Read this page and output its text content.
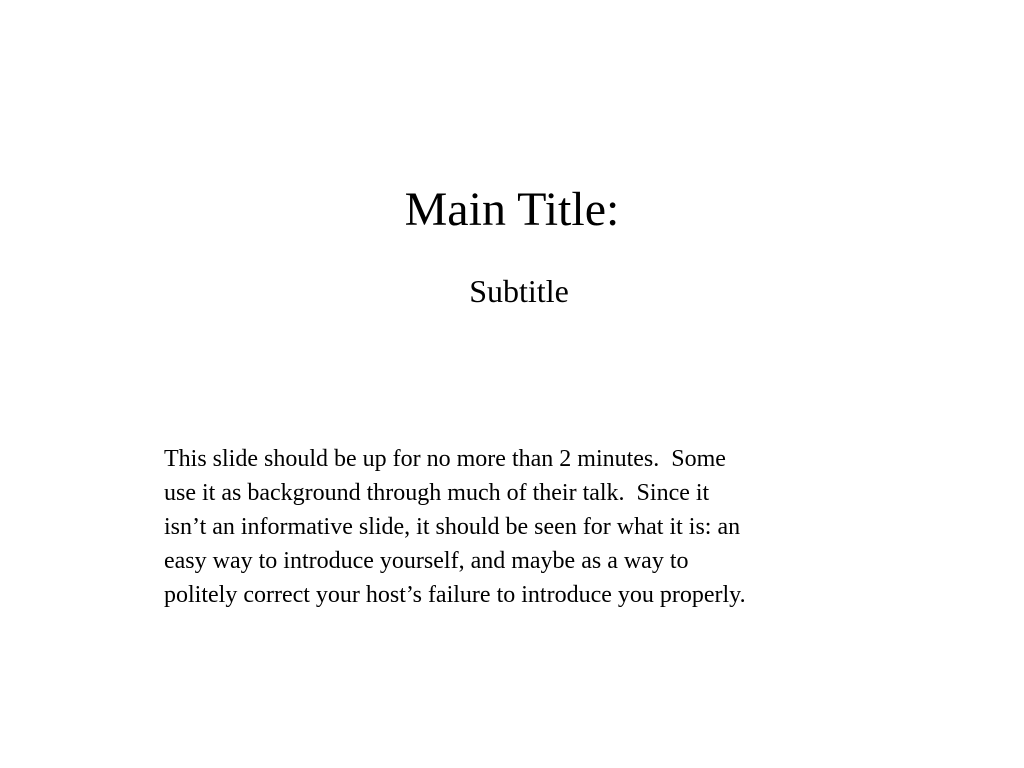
Main Title:
Subtitle
This slide should be up for no more than 2 minutes.  Some
use it as background through much of their talk.  Since it
isn’t an informative slide, it should be seen for what it is: an
easy way to introduce yourself, and maybe as a way to
politely correct your host’s failure to introduce you properly.
